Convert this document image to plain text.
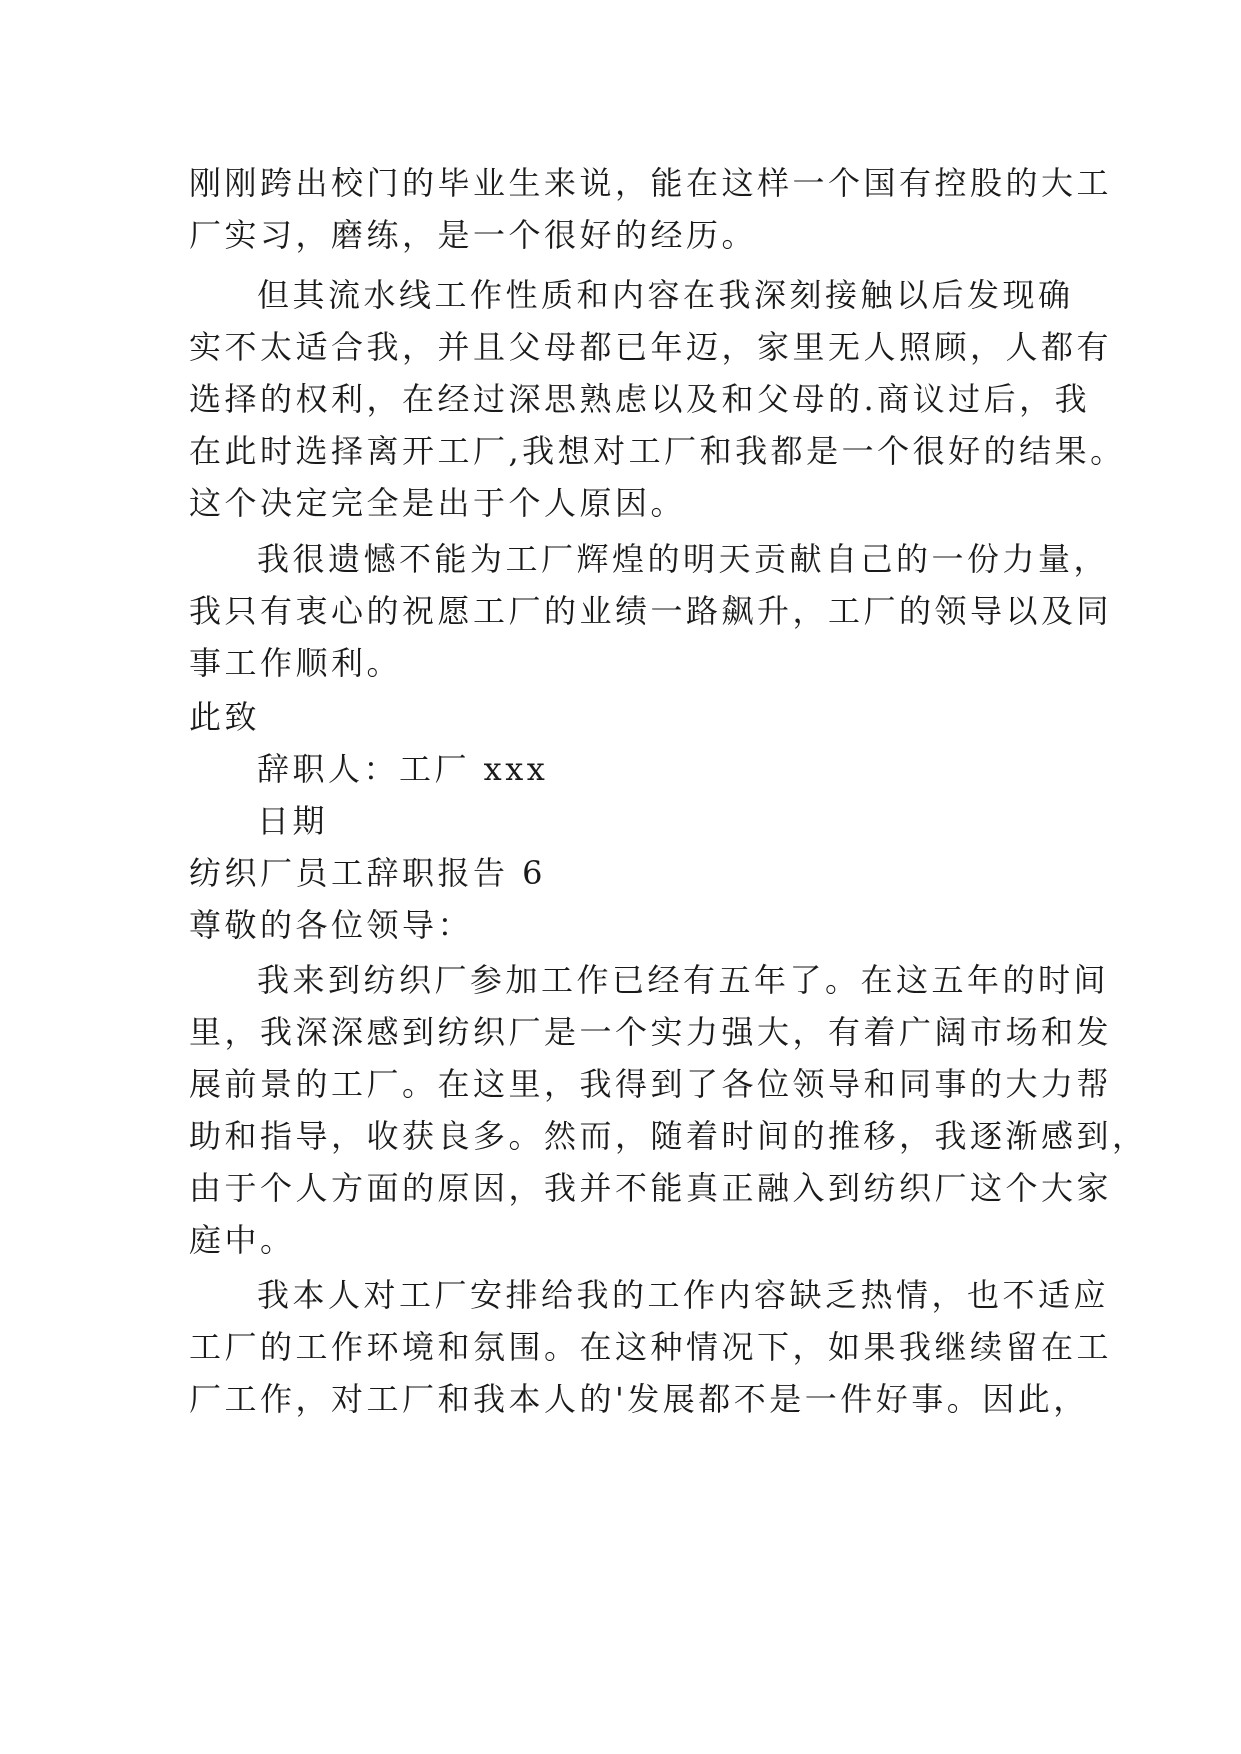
刚刚跨出校门的毕业生来说，能在这样一个国有控股的大工
厂实习，磨练，是一个很好的经历。
但其流水线工作性质和内容在我深刻接触以后发现确
实不太适合我，并且父母都已年迈，家里无人照顾，人都有
选择的权利，在经过深思熟虑以及和父母的.商议过后，我
在此时选择离开工厂,我想对工厂和我都是一个很好的结果。
这个决定完全是出于个人原因。
我很遗憾不能为工厂辉煌的明天贡献自己的一份力量，
我只有衷心的祝愿工厂的业绩一路飙升，工厂的领导以及同
事工作顺利。
此致
辞职人：工厂 xxx
日期
纺织厂员工辞职报告 6
尊敬的各位领导：
我来到纺织厂参加工作已经有五年了。在这五年的时间
里，我深深感到纺织厂是一个实力强大，有着广阔市场和发
展前景的工厂。在这里，我得到了各位领导和同事的大力帮
助和指导，收获良多。然而，随着时间的推移，我逐渐感到，
由于个人方面的原因，我并不能真正融入到纺织厂这个大家
庭中。
我本人对工厂安排给我的工作内容缺乏热情，也不适应
工厂的工作环境和氛围。在这种情况下，如果我继续留在工
厂工作，对工厂和我本人的'发展都不是一件好事。因此，
